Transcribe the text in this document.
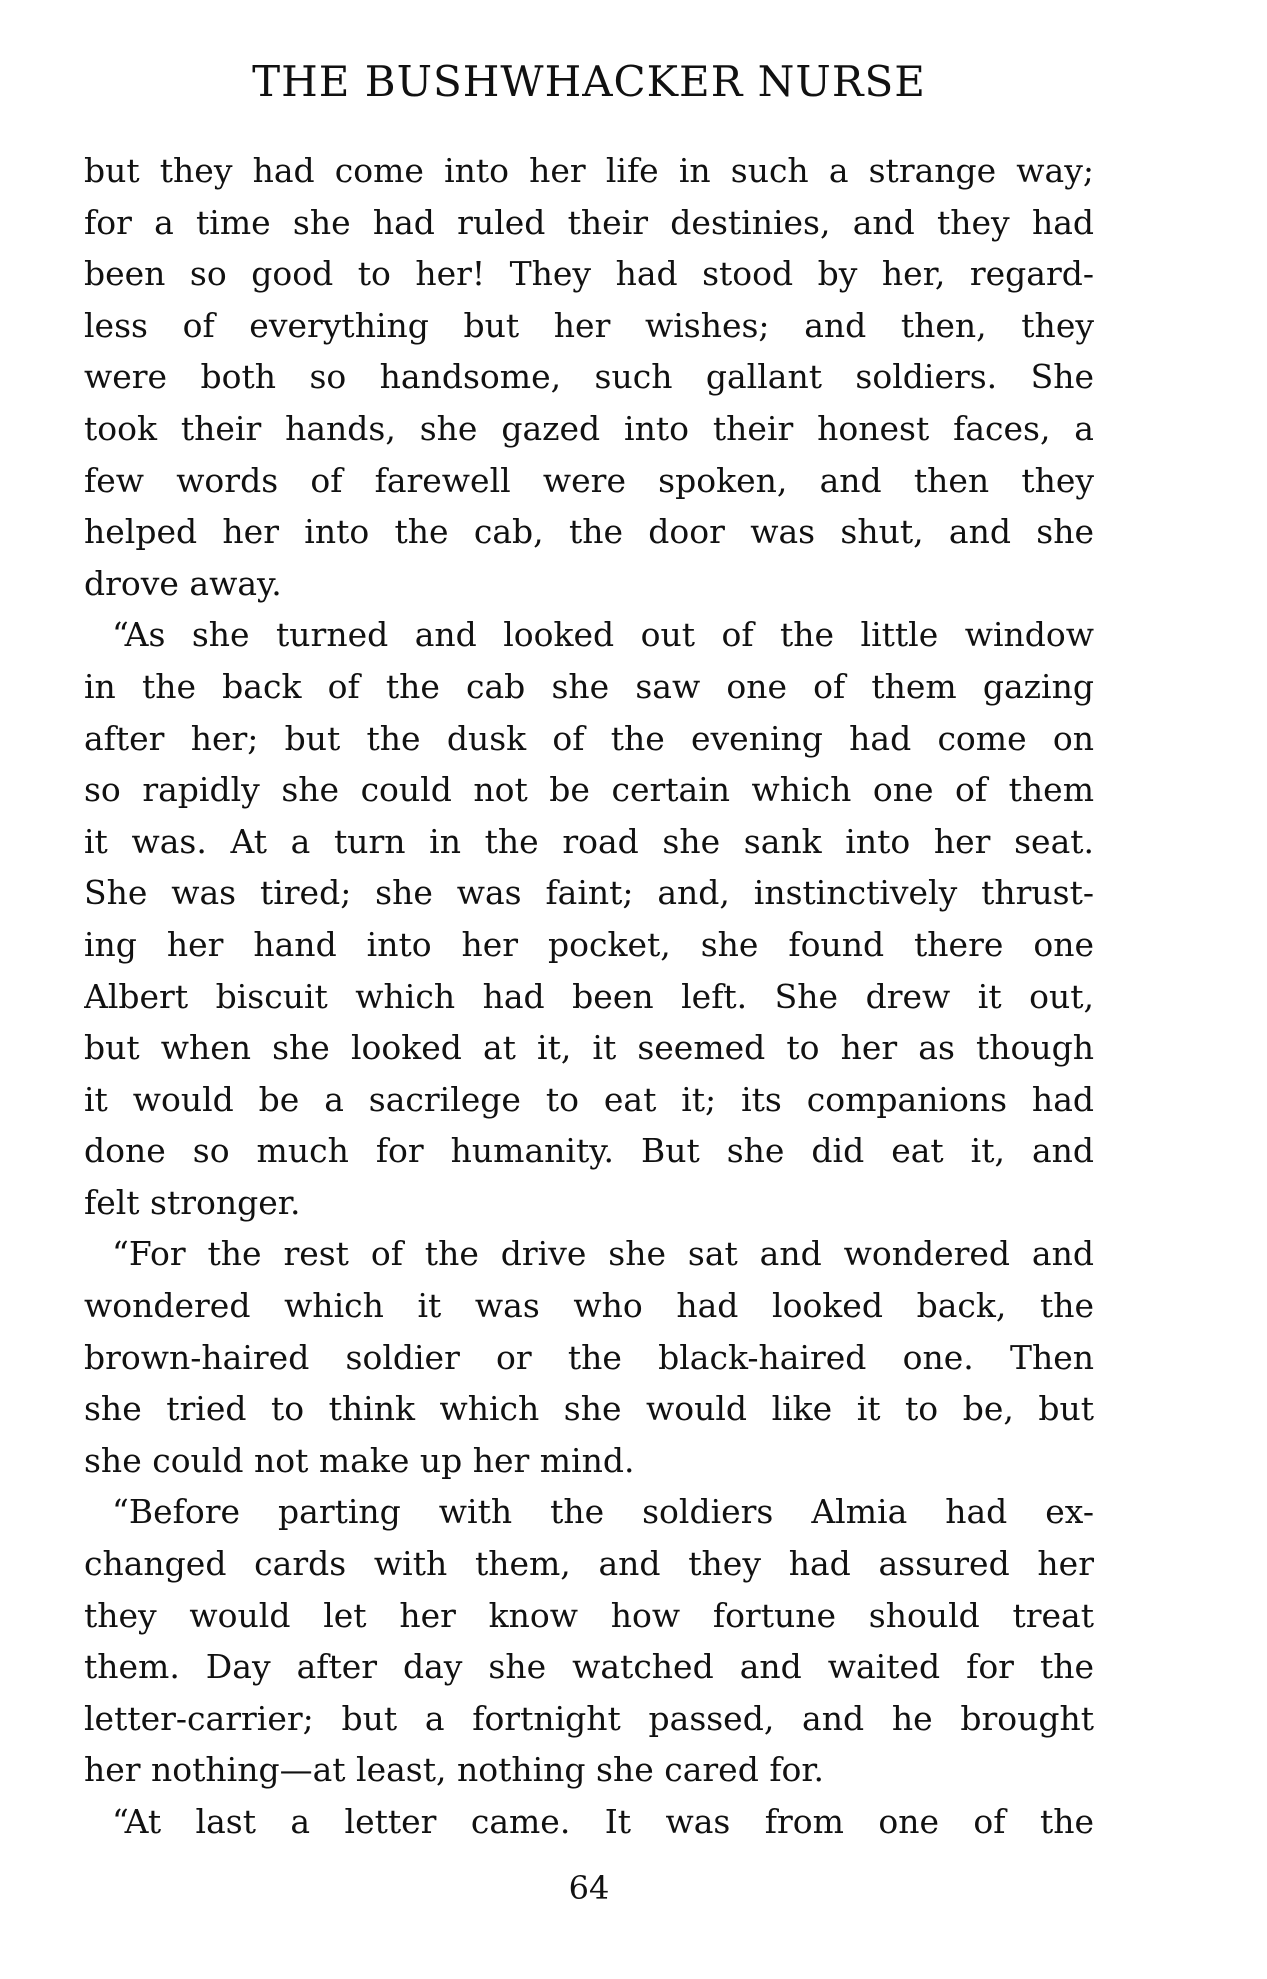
THE BUSHWHACKER NURSE
but they had come into her life in such a strange way;
for a time she had ruled their destinies, and they had
been so good to her! They had stood by her, regard-
less of everything but her wishes; and then, they
were both so handsome, such gallant soldiers. She
took their hands, she gazed into their honest faces, a
few words of farewell were spoken, and then they
helped her into the cab, the door was shut, and she
drove away.
“As she turned and looked out of the little window
in the back of the cab she saw one of them gazing
after her; but the dusk of the evening had come on
so rapidly she could not be certain which one of them
it was. At a turn in the road she sank into her seat.
She was tired; she was faint; and, instinctively thrust-
ing her hand into her pocket, she found there one
Albert biscuit which had been left. She drew it out,
but when she looked at it, it seemed to her as though
it would be a sacrilege to eat it; its companions had
done so much for humanity. But she did eat it, and
felt stronger.
“For the rest of the drive she sat and wondered and
wondered which it was who had looked back, the
brown-haired soldier or the black-haired one. Then
she tried to think which she would like it to be, but
she could not make up her mind.
“Before parting with the soldiers Almia had ex-
changed cards with them, and they had assured her
they would let her know how fortune should treat
them. Day after day she watched and waited for the
letter-carrier; but a fortnight passed, and he brought
her nothing—at least, nothing she cared for.
“At last a letter came. It was from one of the
64
